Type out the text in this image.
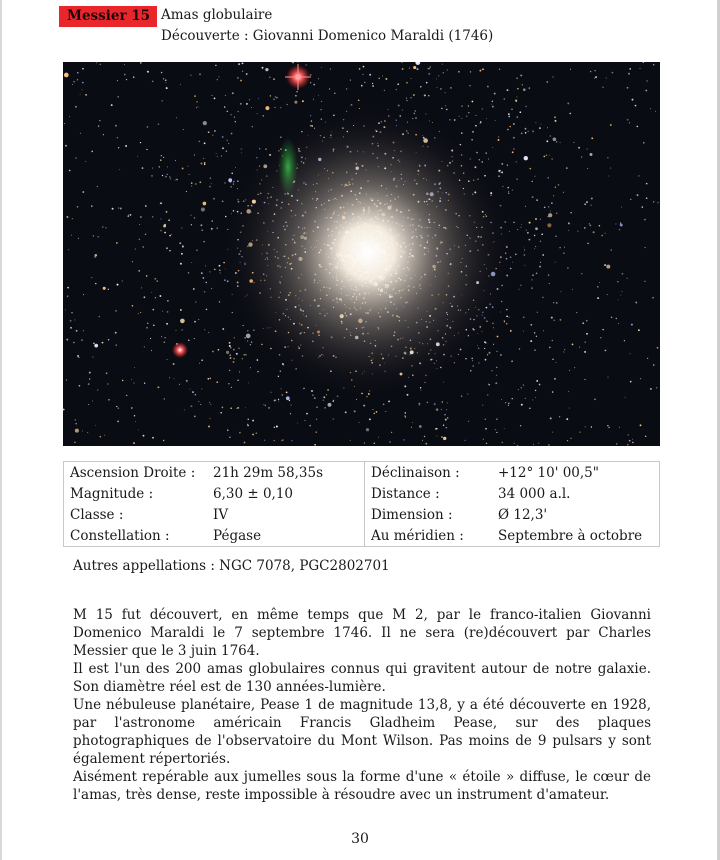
Messier 15 Amas globulaire
Découverte : Giovanni Domenico Maraldi (1746)
Ascension Droite :	21h 29m 58,35s	Déclinaison :	+12° 10' 00,5"
Magnitude :	6,30 ± 0,10	Distance :	34 000 a.l.
Classe :	IV	Dimension :	Ø 12,3'
Constellation :	Pégase	Au méridien :	Septembre à octobre
Autres appellations : NGC 7078, PGC2802701

M 15 fut découvert, en même temps que M 2, par le franco-italien Giovanni Domenico Maraldi le 7 septembre 1746. Il ne sera (re)découvert par Charles Messier que le 3 juin 1764.

Il est l'un des 200 amas globulaires connus qui gravitent autour de notre galaxie. Son diamètre réel est de 130 années-lumière.

Une nébuleuse planétaire, Pease 1 de magnitude 13,8, y a été découverte en 1928, par l'astronome américain Francis Gladheim Pease, sur des plaques photographiques de l'observatoire du Mont Wilson. Pas moins de 9 pulsars y sont également répertoriés.

Aisément repérable aux jumelles sous la forme d'une « étoile » diffuse, le cœur de l'amas, très dense, reste impossible à résoudre avec un instrument d'amateur.

30
